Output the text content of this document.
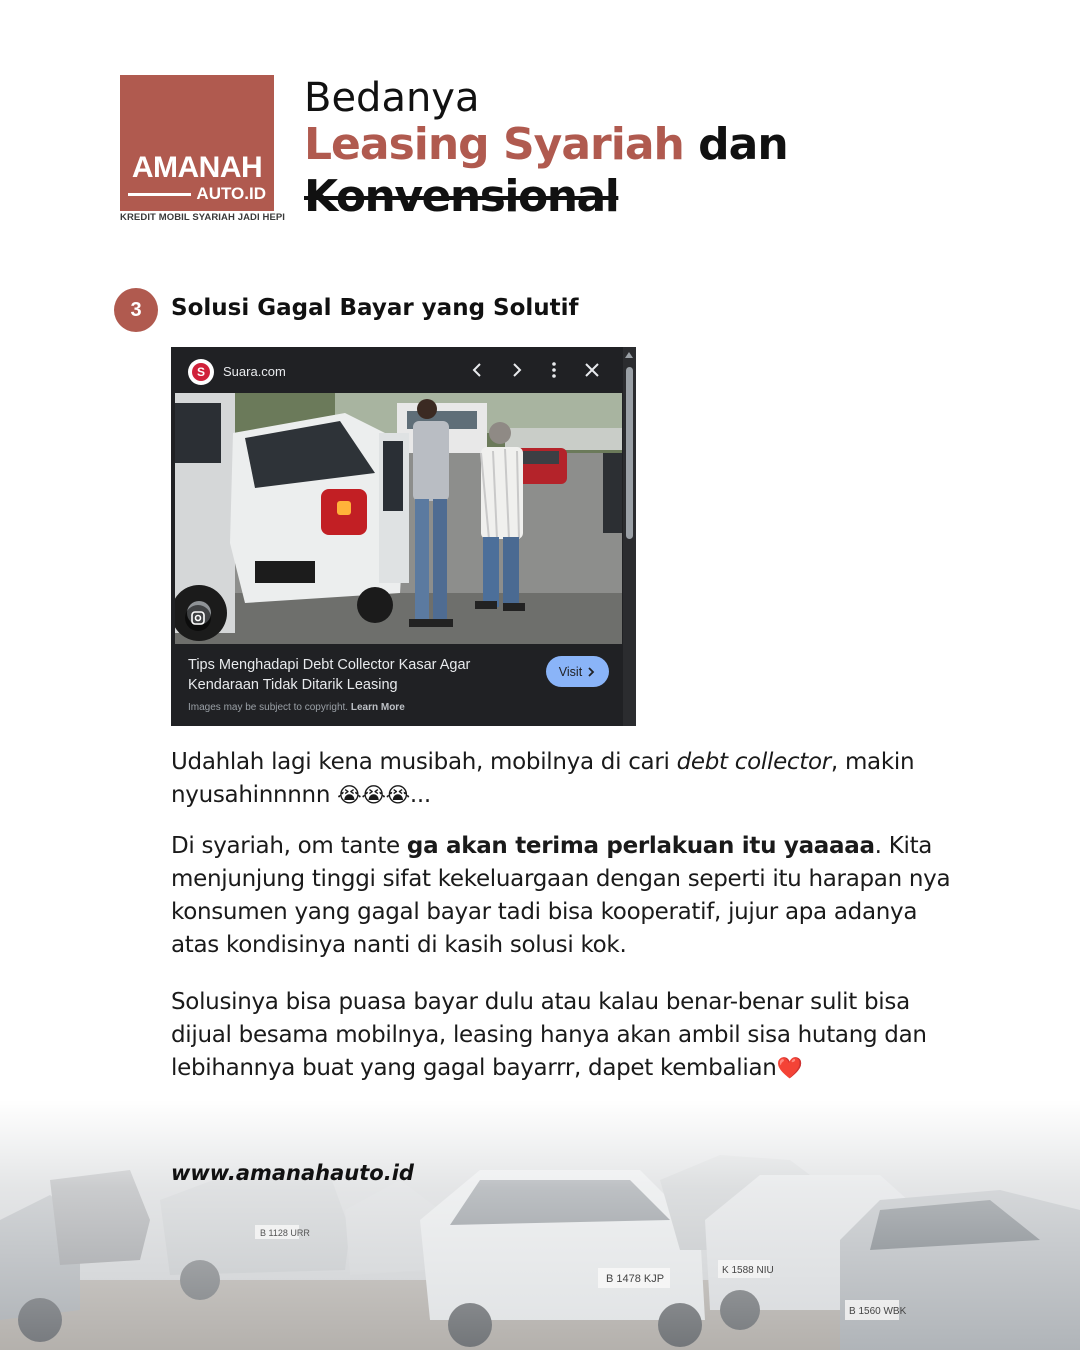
AMANAH
AUTO.ID
KREDIT MOBIL SYARIAH JADI HEPI
Bedanya
Leasing Syariah dan
Konvensional
3	Solusi Gagal Bayar yang Solutif
S	Suara.com
Tips Menghadapi Debt Collector Kasar Agar Kendaraan Tidak Ditarik Leasing
Visit
Images may be subject to copyright. Learn More
Udahlah lagi kena musibah, mobilnya di cari debt collector, makin nyusahinnnnn 😭😭😭...
Di syariah, om tante ga akan terima perlakuan itu yaaaaa. Kita menjunjung tinggi sifat kekeluargaan dengan seperti itu harapan nya konsumen yang gagal bayar tadi bisa kooperatif, jujur apa adanya atas kondisinya nanti di kasih solusi kok.
Solusinya bisa puasa bayar dulu atau kalau benar-benar sulit bisa dijual besama mobilnya, leasing hanya akan ambil sisa hutang dan lebihannya buat yang gagal bayarrr, dapet kembalian❤️
B 1128 URR
B 1478 KJP
K 1588 NIU
B 1560 WBK
www.amanahauto.id
